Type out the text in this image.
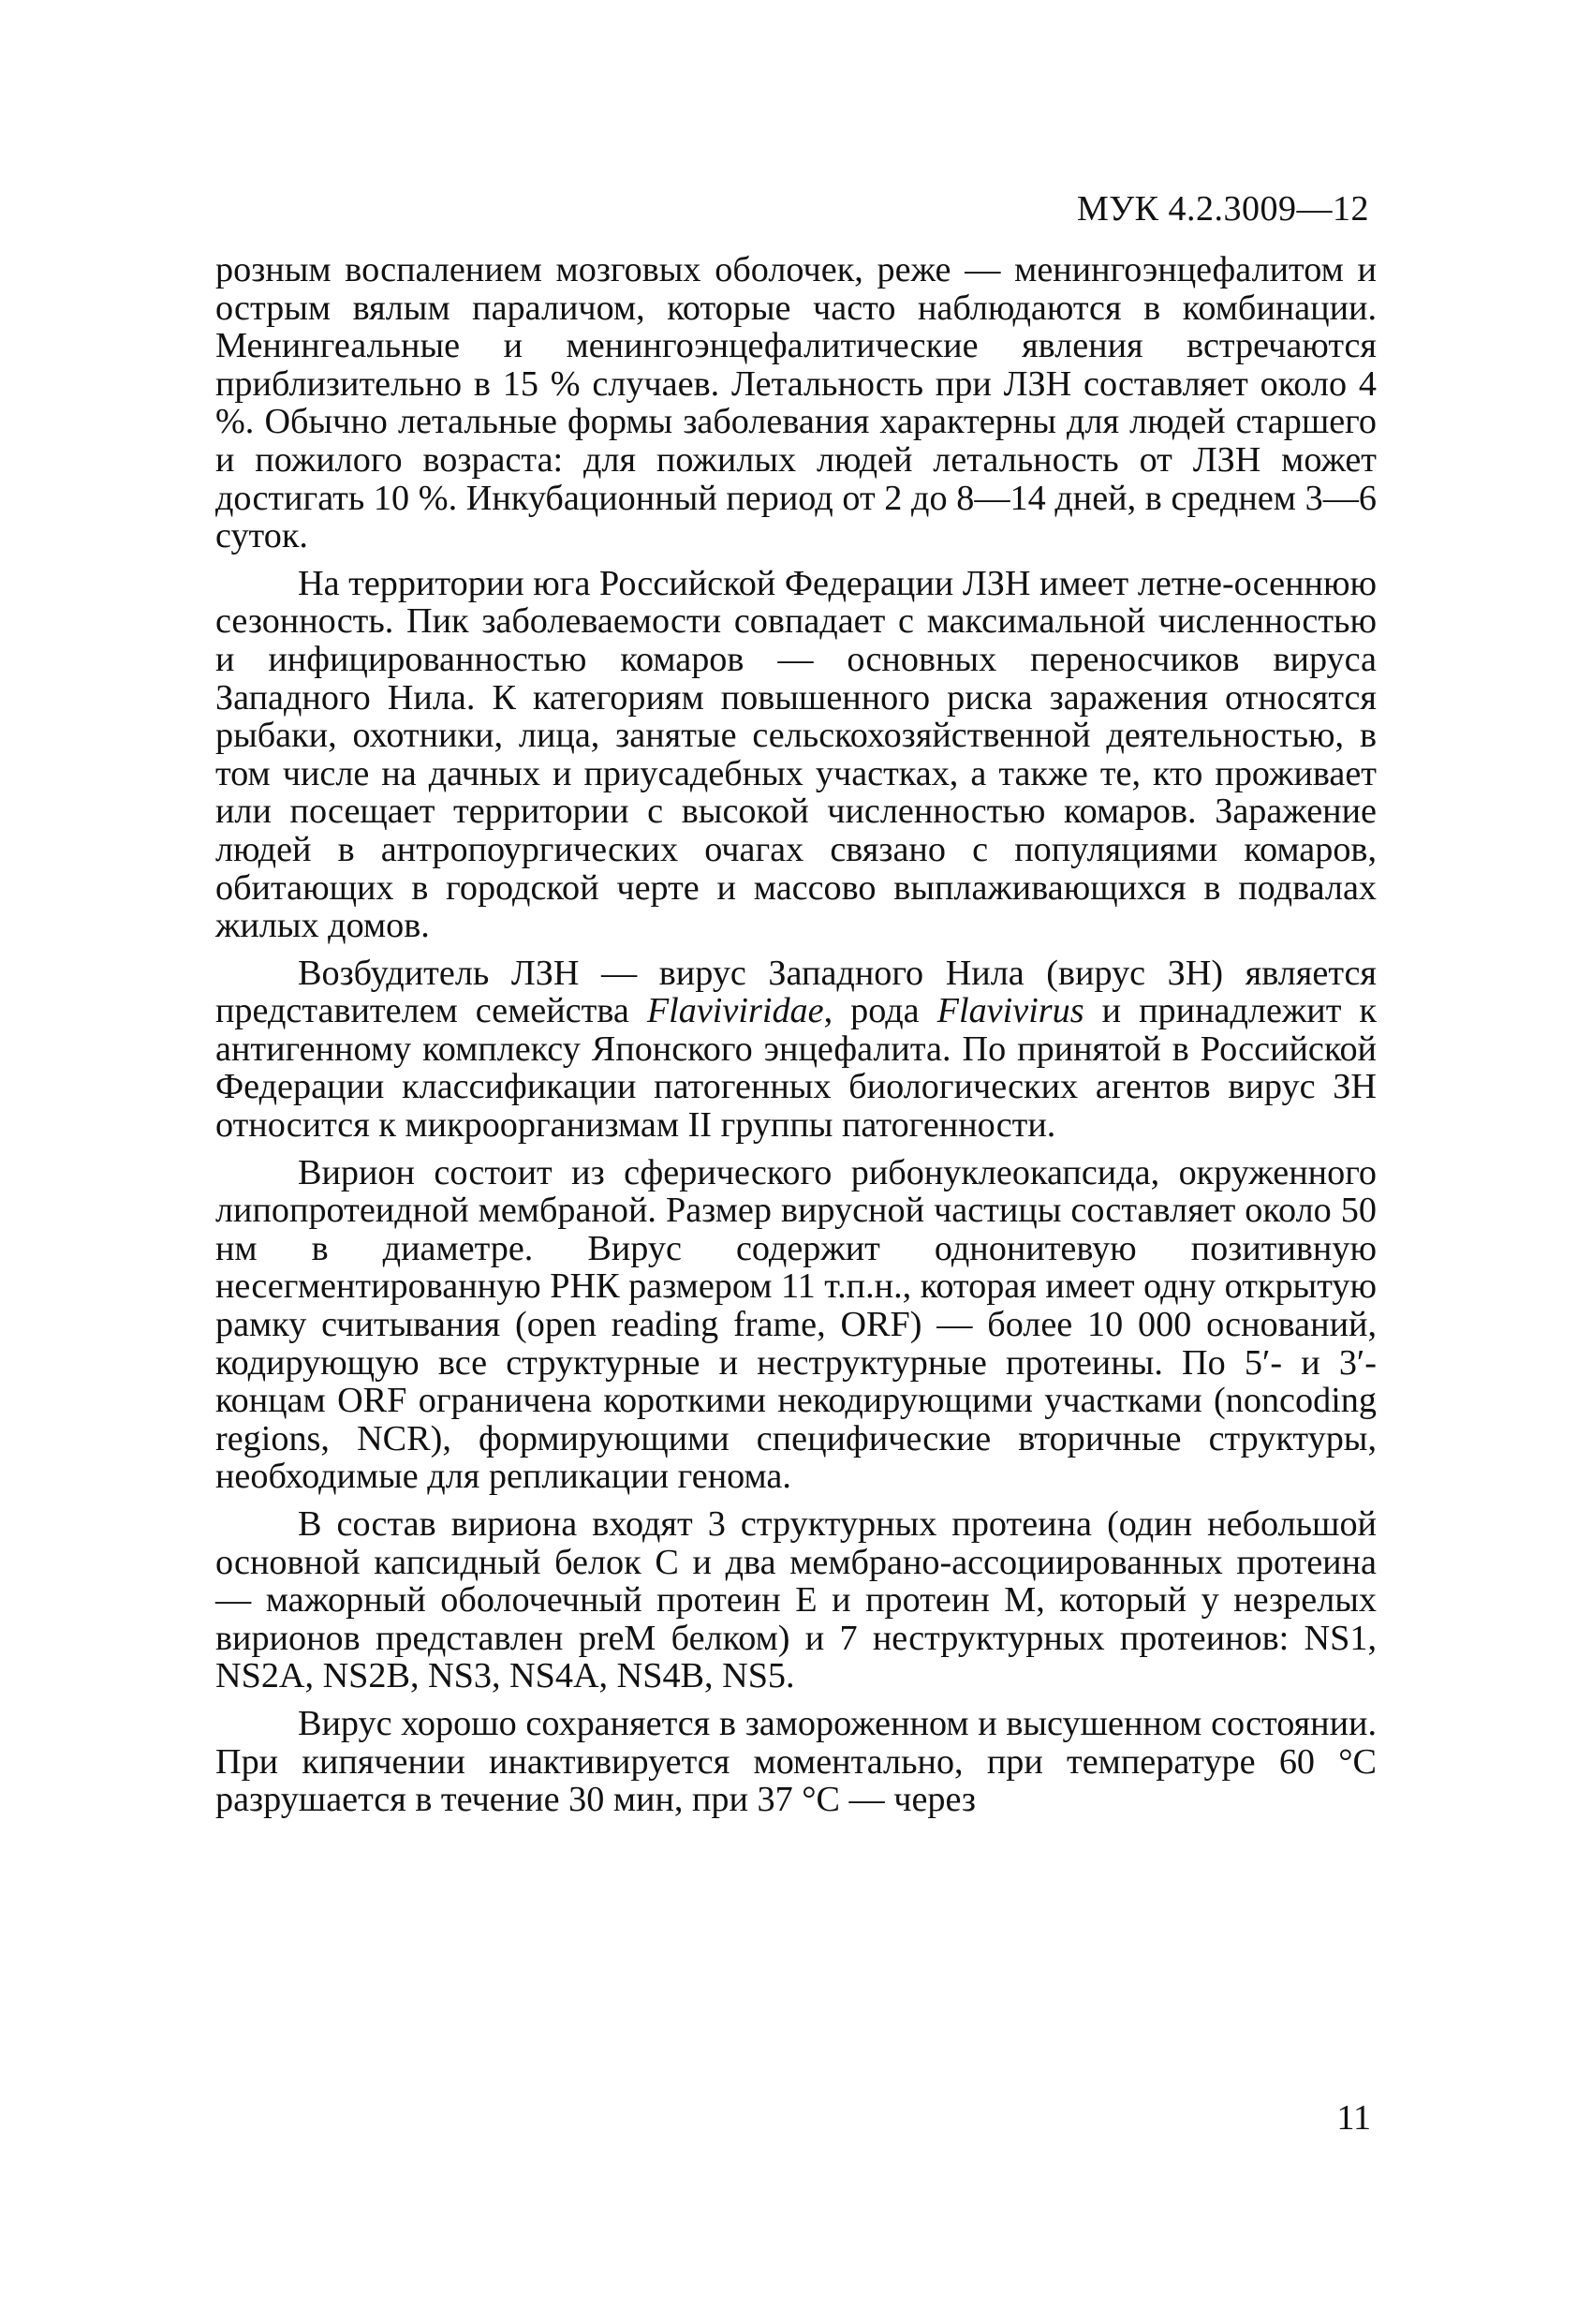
МУК 4.2.3009—12

розным воспалением мозговых оболочек, реже — менингоэнцефалитом и острым вялым параличом, которые часто наблюдаются в комбинации. Менингеальные и менингоэнцефалитические явления встречаются приблизительно в 15 % случаев. Летальность при ЛЗН составляет около 4 %. Обычно летальные формы заболевания характерны для людей старшего и пожилого возраста: для пожилых людей летальность от ЛЗН может достигать 10 %. Инкубационный период от 2 до 8—14 дней, в среднем 3—6 суток.

На территории юга Российской Федерации ЛЗН имеет летне-осеннюю сезонность. Пик заболеваемости совпадает с максимальной численностью и инфицированностью комаров — основных переносчиков вируса Западного Нила. К категориям повышенного риска заражения относятся рыбаки, охотники, лица, занятые сельскохозяйственной деятельностью, в том числе на дачных и приусадебных участках, а также те, кто проживает или посещает территории с высокой численностью комаров. Заражение людей в антропоургических очагах связано с популяциями комаров, обитающих в городской черте и массово выплаживающихся в подвалах жилых домов.

Возбудитель ЛЗН — вирус Западного Нила (вирус ЗН) является представителем семейства Flaviviridae, рода Flavivirus и принадлежит к антигенному комплексу Японского энцефалита. По принятой в Российской Федерации классификации патогенных биологических агентов вирус ЗН относится к микроорганизмам II группы патогенности.

Вирион состоит из сферического рибонуклеокапсида, окруженного липопротеидной мембраной. Размер вирусной частицы составляет около 50 нм в диаметре. Вирус содержит однонитевую позитивную несегментированную РНК размером 11 т.п.н., которая имеет одну открытую рамку считывания (open reading frame, ORF) — более 10 000 оснований, кодирующую все структурные и неструктурные протеины. По 5′- и 3′-концам ORF ограничена короткими некодирующими участками (noncoding regions, NCR), формирующими специфические вторичные структуры, необходимые для репликации генома.

В состав вириона входят 3 структурных протеина (один небольшой основной капсидный белок C и два мембрано-ассоциированных протеина — мажорный оболочечный протеин E и протеин M, который у незрелых вирионов представлен preM белком) и 7 неструктурных протеинов: NS1, NS2A, NS2B, NS3, NS4A, NS4B, NS5.

Вирус хорошо сохраняется в замороженном и высушенном состоянии. При кипячении инактивируется моментально, при температуре 60 °C разрушается в течение 30 мин, при 37 °C — через

11
